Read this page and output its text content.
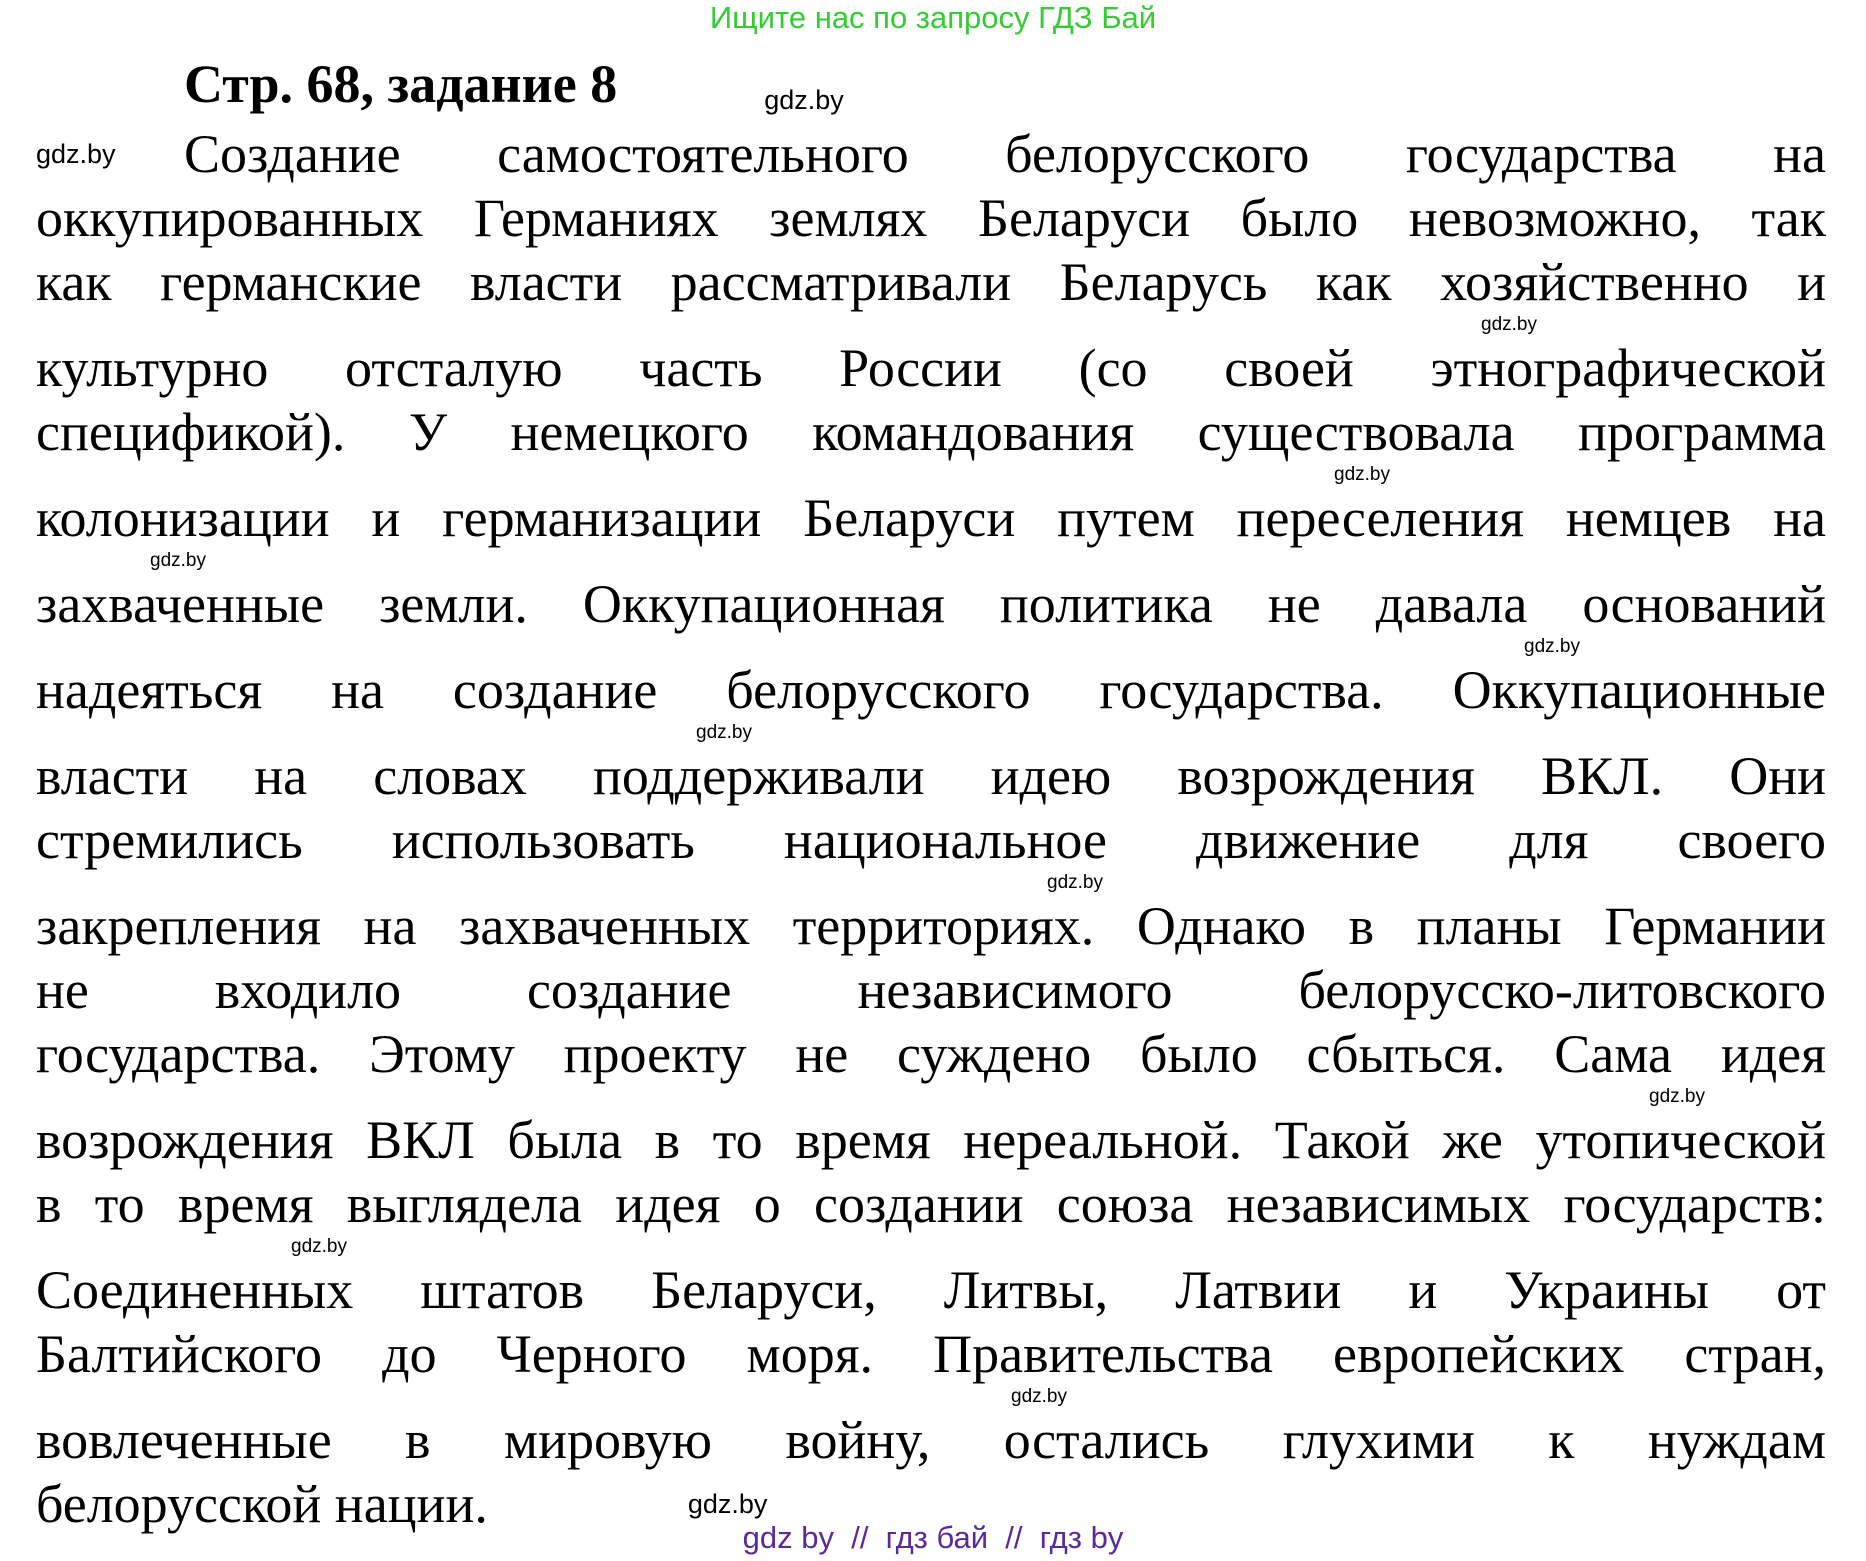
Ищите нас по запросу ГДЗ Бай
Стр. 68, задание 8	gdz.by
gdz.by	Создание самостоятельного белорусского государства на
оккупированных Германиях землях Беларуси было невозможно, так
как германские власти рассматривали Беларусь как хозяйственно и
gdz.by
культурно отсталую часть России (со своей этнографической
спецификой). У немецкого командования существовала программа
gdz.by
колонизации и германизации Беларуси путем переселения немцев на
gdz.by
захваченные земли. Оккупационная политика не давала оснований
gdz.by
надеяться на создание белорусского государства. Оккупационные
gdz.by
власти на словах поддерживали идею возрождения ВКЛ. Они
стремились использовать национальное движение для своего
gdz.by
закрепления на захваченных территориях. Однако в планы Германии
не входило создание независимого белорусско-литовского
государства. Этому проекту не суждено было сбыться. Сама идея
gdz.by
возрождения ВКЛ была в то время нереальной. Такой же утопической
в то время выглядела идея о создании союза независимых государств:
gdz.by
Соединенных штатов Беларуси, Литвы, Латвии и Украины от
Балтийского до Черного моря. Правительства европейских стран,
gdz.by
вовлеченные в мировую войну, остались глухими к нуждам
белорусской нации.	gdz.by
gdz by  //  гдз бай  //  гдз by
